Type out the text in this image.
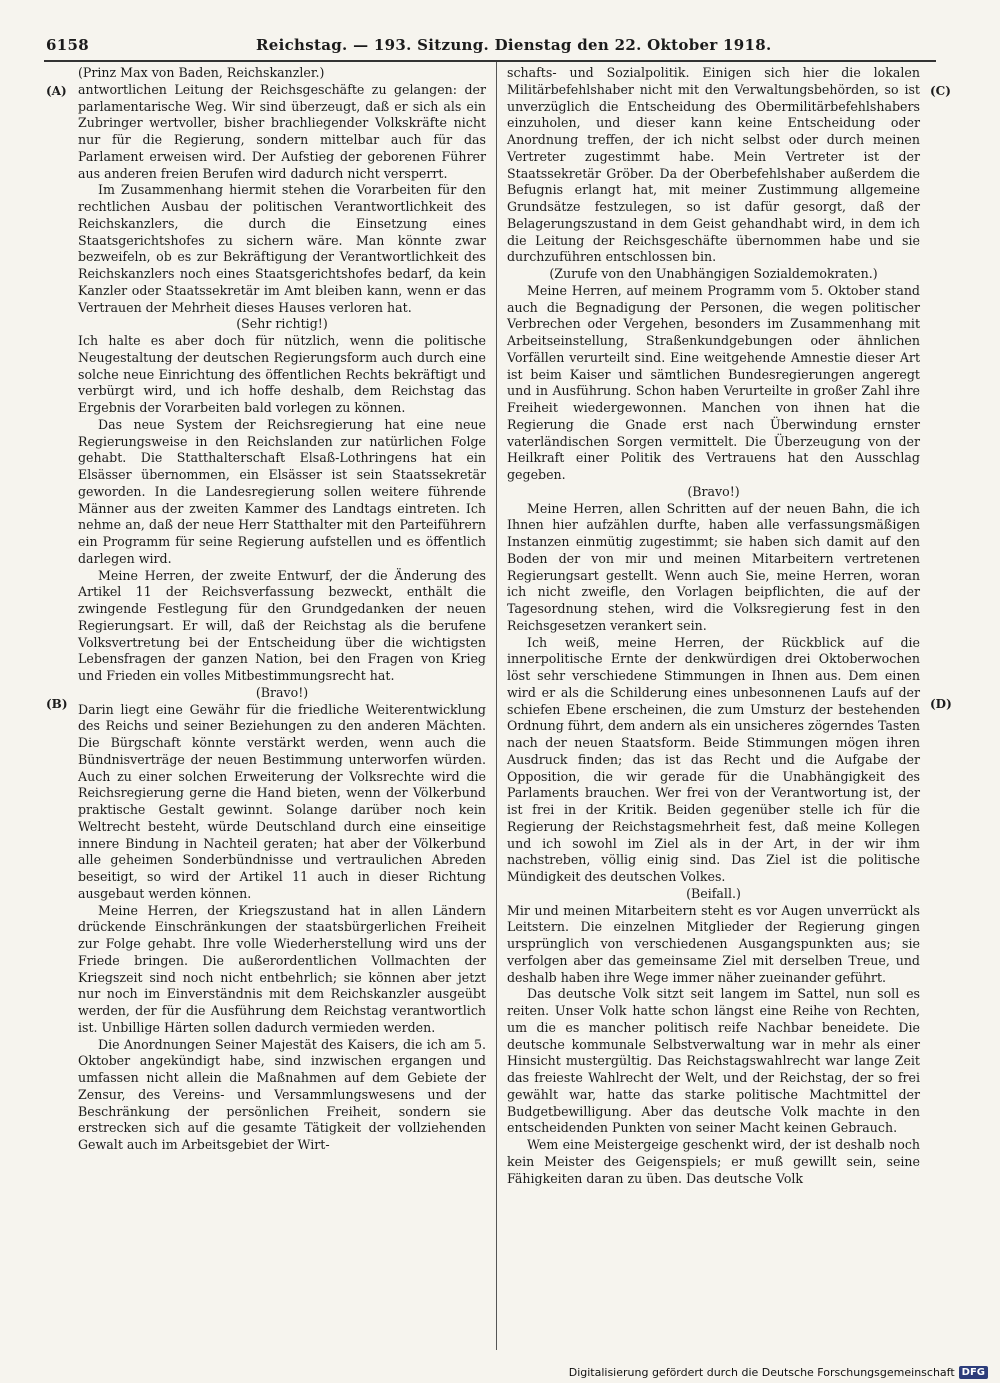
6158	Reichstag. — 193. Sitzung. Dienstag den 22. Oktober 1918.
(A)
(B)
(C)
(D)

(Prinz Max von Baden, Reichskanzler.)

antwortlichen Leitung der Reichsgeschäfte zu gelangen: der parlamentarische Weg. Wir sind überzeugt, daß er sich als ein Zubringer wertvoller, bisher brachliegender Volkskräfte nicht nur für die Regierung, sondern mittelbar auch für das Parlament erweisen wird. Der Aufstieg der geborenen Führer aus anderen freien Berufen wird dadurch nicht versperrt.

Im Zusammenhang hiermit stehen die Vorarbeiten für den rechtlichen Ausbau der politischen Verantwortlichkeit des Reichskanzlers, die durch die Einsetzung eines Staatsgerichtshofes zu sichern wäre. Man könnte zwar bezweifeln, ob es zur Bekräftigung der Verantwortlichkeit des Reichskanzlers noch eines Staatsgerichtshofes bedarf, da kein Kanzler oder Staatssekretär im Amt bleiben kann, wenn er das Vertrauen der Mehrheit dieses Hauses verloren hat.

(Sehr richtig!)

Ich halte es aber doch für nützlich, wenn die politische Neugestaltung der deutschen Regierungsform auch durch eine solche neue Einrichtung des öffentlichen Rechts bekräftigt und verbürgt wird, und ich hoffe deshalb, dem Reichstag das Ergebnis der Vorarbeiten bald vorlegen zu können.

Das neue System der Reichsregierung hat eine neue Regierungsweise in den Reichslanden zur natürlichen Folge gehabt. Die Statthalterschaft Elsaß-Lothringens hat ein Elsässer übernommen, ein Elsässer ist sein Staatssekretär geworden. In die Landesregierung sollen weitere führende Männer aus der zweiten Kammer des Landtags eintreten. Ich nehme an, daß der neue Herr Statthalter mit den Parteiführern ein Programm für seine Regierung aufstellen und es öffentlich darlegen wird.

Meine Herren, der zweite Entwurf, der die Änderung des Artikel 11 der Reichsverfassung bezweckt, enthält die zwingende Festlegung für den Grundgedanken der neuen Regierungsart. Er will, daß der Reichstag als die berufene Volksvertretung bei der Entscheidung über die wichtigsten Lebensfragen der ganzen Nation, bei den Fragen von Krieg und Frieden ein volles Mitbestimmungsrecht hat.

(Bravo!)

Darin liegt eine Gewähr für die friedliche Weiterentwicklung des Reichs und seiner Beziehungen zu den anderen Mächten. Die Bürgschaft könnte verstärkt werden, wenn auch die Bündnisverträge der neuen Bestimmung unterworfen würden. Auch zu einer solchen Erweiterung der Volksrechte wird die Reichsregierung gerne die Hand bieten, wenn der Völkerbund praktische Gestalt gewinnt. Solange darüber noch kein Weltrecht besteht, würde Deutschland durch eine einseitige innere Bindung in Nachteil geraten; hat aber der Völkerbund alle geheimen Sonderbündnisse und vertraulichen Abreden beseitigt, so wird der Artikel 11 auch in dieser Richtung ausgebaut werden können.

Meine Herren, der Kriegszustand hat in allen Ländern drückende Einschränkungen der staatsbürgerlichen Freiheit zur Folge gehabt. Ihre volle Wiederherstellung wird uns der Friede bringen. Die außerordentlichen Vollmachten der Kriegszeit sind noch nicht entbehrlich; sie können aber jetzt nur noch im Einverständnis mit dem Reichskanzler ausgeübt werden, der für die Ausführung dem Reichstag verantwortlich ist. Unbillige Härten sollen dadurch vermieden werden.

Die Anordnungen Seiner Majestät des Kaisers, die ich am 5. Oktober angekündigt habe, sind inzwischen ergangen und umfassen nicht allein die Maßnahmen auf dem Gebiete der Zensur, des Vereins- und Versammlungswesens und der Beschränkung der persönlichen Freiheit, sondern sie erstrecken sich auf die gesamte Tätigkeit der vollziehenden Gewalt auch im Arbeitsgebiet der Wirt-

schafts- und Sozialpolitik. Einigen sich hier die lokalen Militärbefehlshaber nicht mit den Verwaltungsbehörden, so ist unverzüglich die Entscheidung des Obermilitärbefehlshabers einzuholen, und dieser kann keine Entscheidung oder Anordnung treffen, der ich nicht selbst oder durch meinen Vertreter zugestimmt habe. Mein Vertreter ist der Staatssekretär Gröber. Da der Oberbefehlshaber außerdem die Befugnis erlangt hat, mit meiner Zustimmung allgemeine Grundsätze festzulegen, so ist dafür gesorgt, daß der Belagerungszustand in dem Geist gehandhabt wird, in dem ich die Leitung der Reichsgeschäfte übernommen habe und sie durchzuführen entschlossen bin.

(Zurufe von den Unabhängigen Sozialdemokraten.)

Meine Herren, auf meinem Programm vom 5. Oktober stand auch die Begnadigung der Personen, die wegen politischer Verbrechen oder Vergehen, besonders im Zusammenhang mit Arbeitseinstellung, Straßenkundgebungen oder ähnlichen Vorfällen verurteilt sind. Eine weitgehende Amnestie dieser Art ist beim Kaiser und sämtlichen Bundesregierungen angeregt und in Ausführung. Schon haben Verurteilte in großer Zahl ihre Freiheit wiedergewonnen. Manchen von ihnen hat die Regierung die Gnade erst nach Überwindung ernster vaterländischen Sorgen vermittelt. Die Überzeugung von der Heilkraft einer Politik des Vertrauens hat den Ausschlag gegeben.

(Bravo!)

Meine Herren, allen Schritten auf der neuen Bahn, die ich Ihnen hier aufzählen durfte, haben alle verfassungsmäßigen Instanzen einmütig zugestimmt; sie haben sich damit auf den Boden der von mir und meinen Mitarbeitern vertretenen Regierungsart gestellt. Wenn auch Sie, meine Herren, woran ich nicht zweifle, den Vorlagen beipflichten, die auf der Tagesordnung stehen, wird die Volksregierung fest in den Reichsgesetzen verankert sein.

Ich weiß, meine Herren, der Rückblick auf die innerpolitische Ernte der denkwürdigen drei Oktoberwochen löst sehr verschiedene Stimmungen in Ihnen aus. Dem einen wird er als die Schilderung eines unbesonnenen Laufs auf der schiefen Ebene erscheinen, die zum Umsturz der bestehenden Ordnung führt, dem andern als ein unsicheres zögerndes Tasten nach der neuen Staatsform. Beide Stimmungen mögen ihren Ausdruck finden; das ist das Recht und die Aufgabe der Opposition, die wir gerade für die Unabhängigkeit des Parlaments brauchen. Wer frei von der Verantwortung ist, der ist frei in der Kritik. Beiden gegenüber stelle ich für die Regierung der Reichstagsmehrheit fest, daß meine Kollegen und ich sowohl im Ziel als in der Art, in der wir ihm nachstreben, völlig einig sind. Das Ziel ist die politische Mündigkeit des deutschen Volkes.

(Beifall.)

Mir und meinen Mitarbeitern steht es vor Augen unverrückt als Leitstern. Die einzelnen Mitglieder der Regierung gingen ursprünglich von verschiedenen Ausgangspunkten aus; sie verfolgen aber das gemeinsame Ziel mit derselben Treue, und deshalb haben ihre Wege immer näher zueinander geführt.

Das deutsche Volk sitzt seit langem im Sattel, nun soll es reiten. Unser Volk hatte schon längst eine Reihe von Rechten, um die es mancher politisch reife Nachbar beneidete. Die deutsche kommunale Selbstverwaltung war in mehr als einer Hinsicht mustergültig. Das Reichstagswahlrecht war lange Zeit das freieste Wahlrecht der Welt, und der Reichstag, der so frei gewählt war, hatte das starke politische Machtmittel der Budgetbewilligung. Aber das deutsche Volk machte in den entscheidenden Punkten von seiner Macht keinen Gebrauch.

Wem eine Meistergeige geschenkt wird, der ist deshalb noch kein Meister des Geigenspiels; er muß gewillt sein, seine Fähigkeiten daran zu üben. Das deutsche Volk

Digitalisierung gefördert durch die Deutsche Forschungsgemeinschaft DFG
